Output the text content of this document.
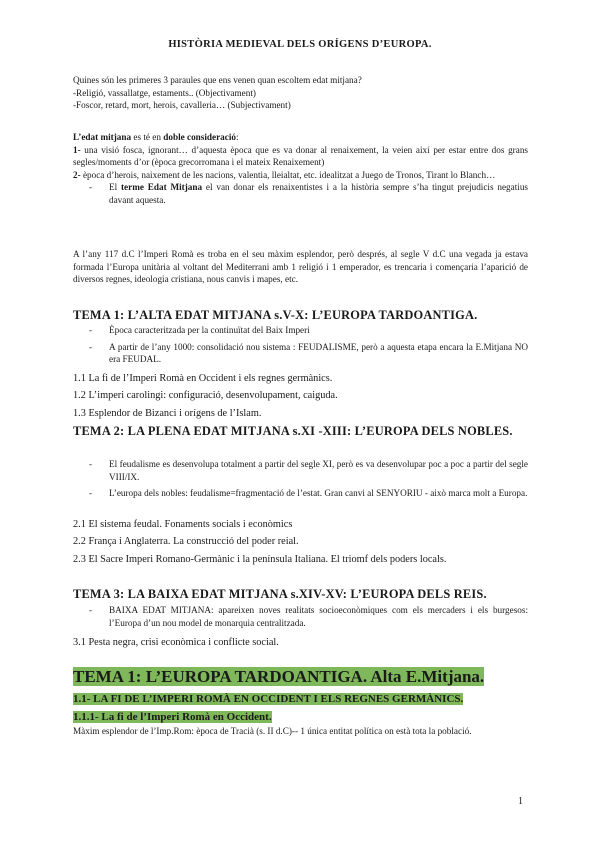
HISTÒRIA MEDIEVAL DELS ORÍGENS D’EUROPA.
Quines són les primeres 3 paraules que ens venen quan escoltem edat mitjana?
-Religió, vassallatge, estaments.. (Objectivament)
-Foscor, retard, mort, herois, cavalleria… (Subjectivament)
L’edat mitjana es té en doble consideració:
1- una visió fosca, ignorant… d’aquesta època que es va donar al renaixement, la veien així per estar entre dos grans segles/moments d’or (època grecorromana i el mateix Renaixement)
2- època d’herois, naixement de les nacions, valentia, lleialtat, etc. idealitzat a Juego de Tronos, Tirant lo Blanch…
- El terme Edat Mitjana el van donar els renaixentistes i a la història sempre s’ha tingut prejudicis negatius davant aquesta.
A l’any 117 d.C l’Imperi Romà es troba en el seu màxim esplendor, però després, al segle V d.C una vegada ja estava formada l’Europa unitària al voltant del Mediterrani amb 1 religió i 1 emperador, es trencaria i començaria l’aparició de diversos regnes, ideologia cristiana, nous canvis i mapes, etc.
TEMA 1: L’ALTA EDAT MITJANA s.V-X: L’EUROPA TARDOANTIGA.
- Època caracteritzada per la continuïtat del Baix Imperi
- A partir de l’any 1000: consolidació nou sistema : FEUDALISME, però a aquesta etapa encara la E.Mitjana NO era FEUDAL.
1.1 La fi de l’Imperi Romà en Occident i els regnes germànics.
1.2 L’imperi carolingi: configuració, desenvolupament, caiguda.
1.3 Esplendor de Bizanci i orígens de l’Islam.
TEMA 2: LA PLENA EDAT MITJANA s.XI -XIII: L’EUROPA DELS NOBLES.
- El feudalisme es desenvolupa totalment a partir del segle XI, però es va desenvolupar poc a poc a partir del segle VIII/IX.
- L’europa dels nobles: feudalisme=fragmentació de l’estat. Gran canvi al SENYORIU - això marca molt a Europa.
2.1 El sistema feudal. Fonaments socials i econòmics
2.2 França i Anglaterra. La construcció del poder reial.
2.3 El Sacre Imperi Romano-Germànic i la península Italiana. El triomf dels poders locals.
TEMA 3: LA BAIXA EDAT MITJANA s.XIV-XV: L’EUROPA DELS REIS.
- BAIXA EDAT MITJANA: apareixen noves realitats socioeconòmiques com els mercaders i els burgesos: l’Europa d’un nou model de monarquia centralitzada.
3.1 Pesta negra, crisi econòmica i conflicte social.
TEMA 1: L’EUROPA TARDOANTIGA. Alta E.Mitjana.
1.1- LA FI DE L’IMPERI ROMÀ EN OCCIDENT I ELS REGNES GERMÀNICS.
1.1.1- La fi de l’Imperi Romà en Occident.
Màxim esplendor de l’Imp.Rom: època de Tracià (s. II d.C)-- 1 única entitat política on està tota la població.
1
